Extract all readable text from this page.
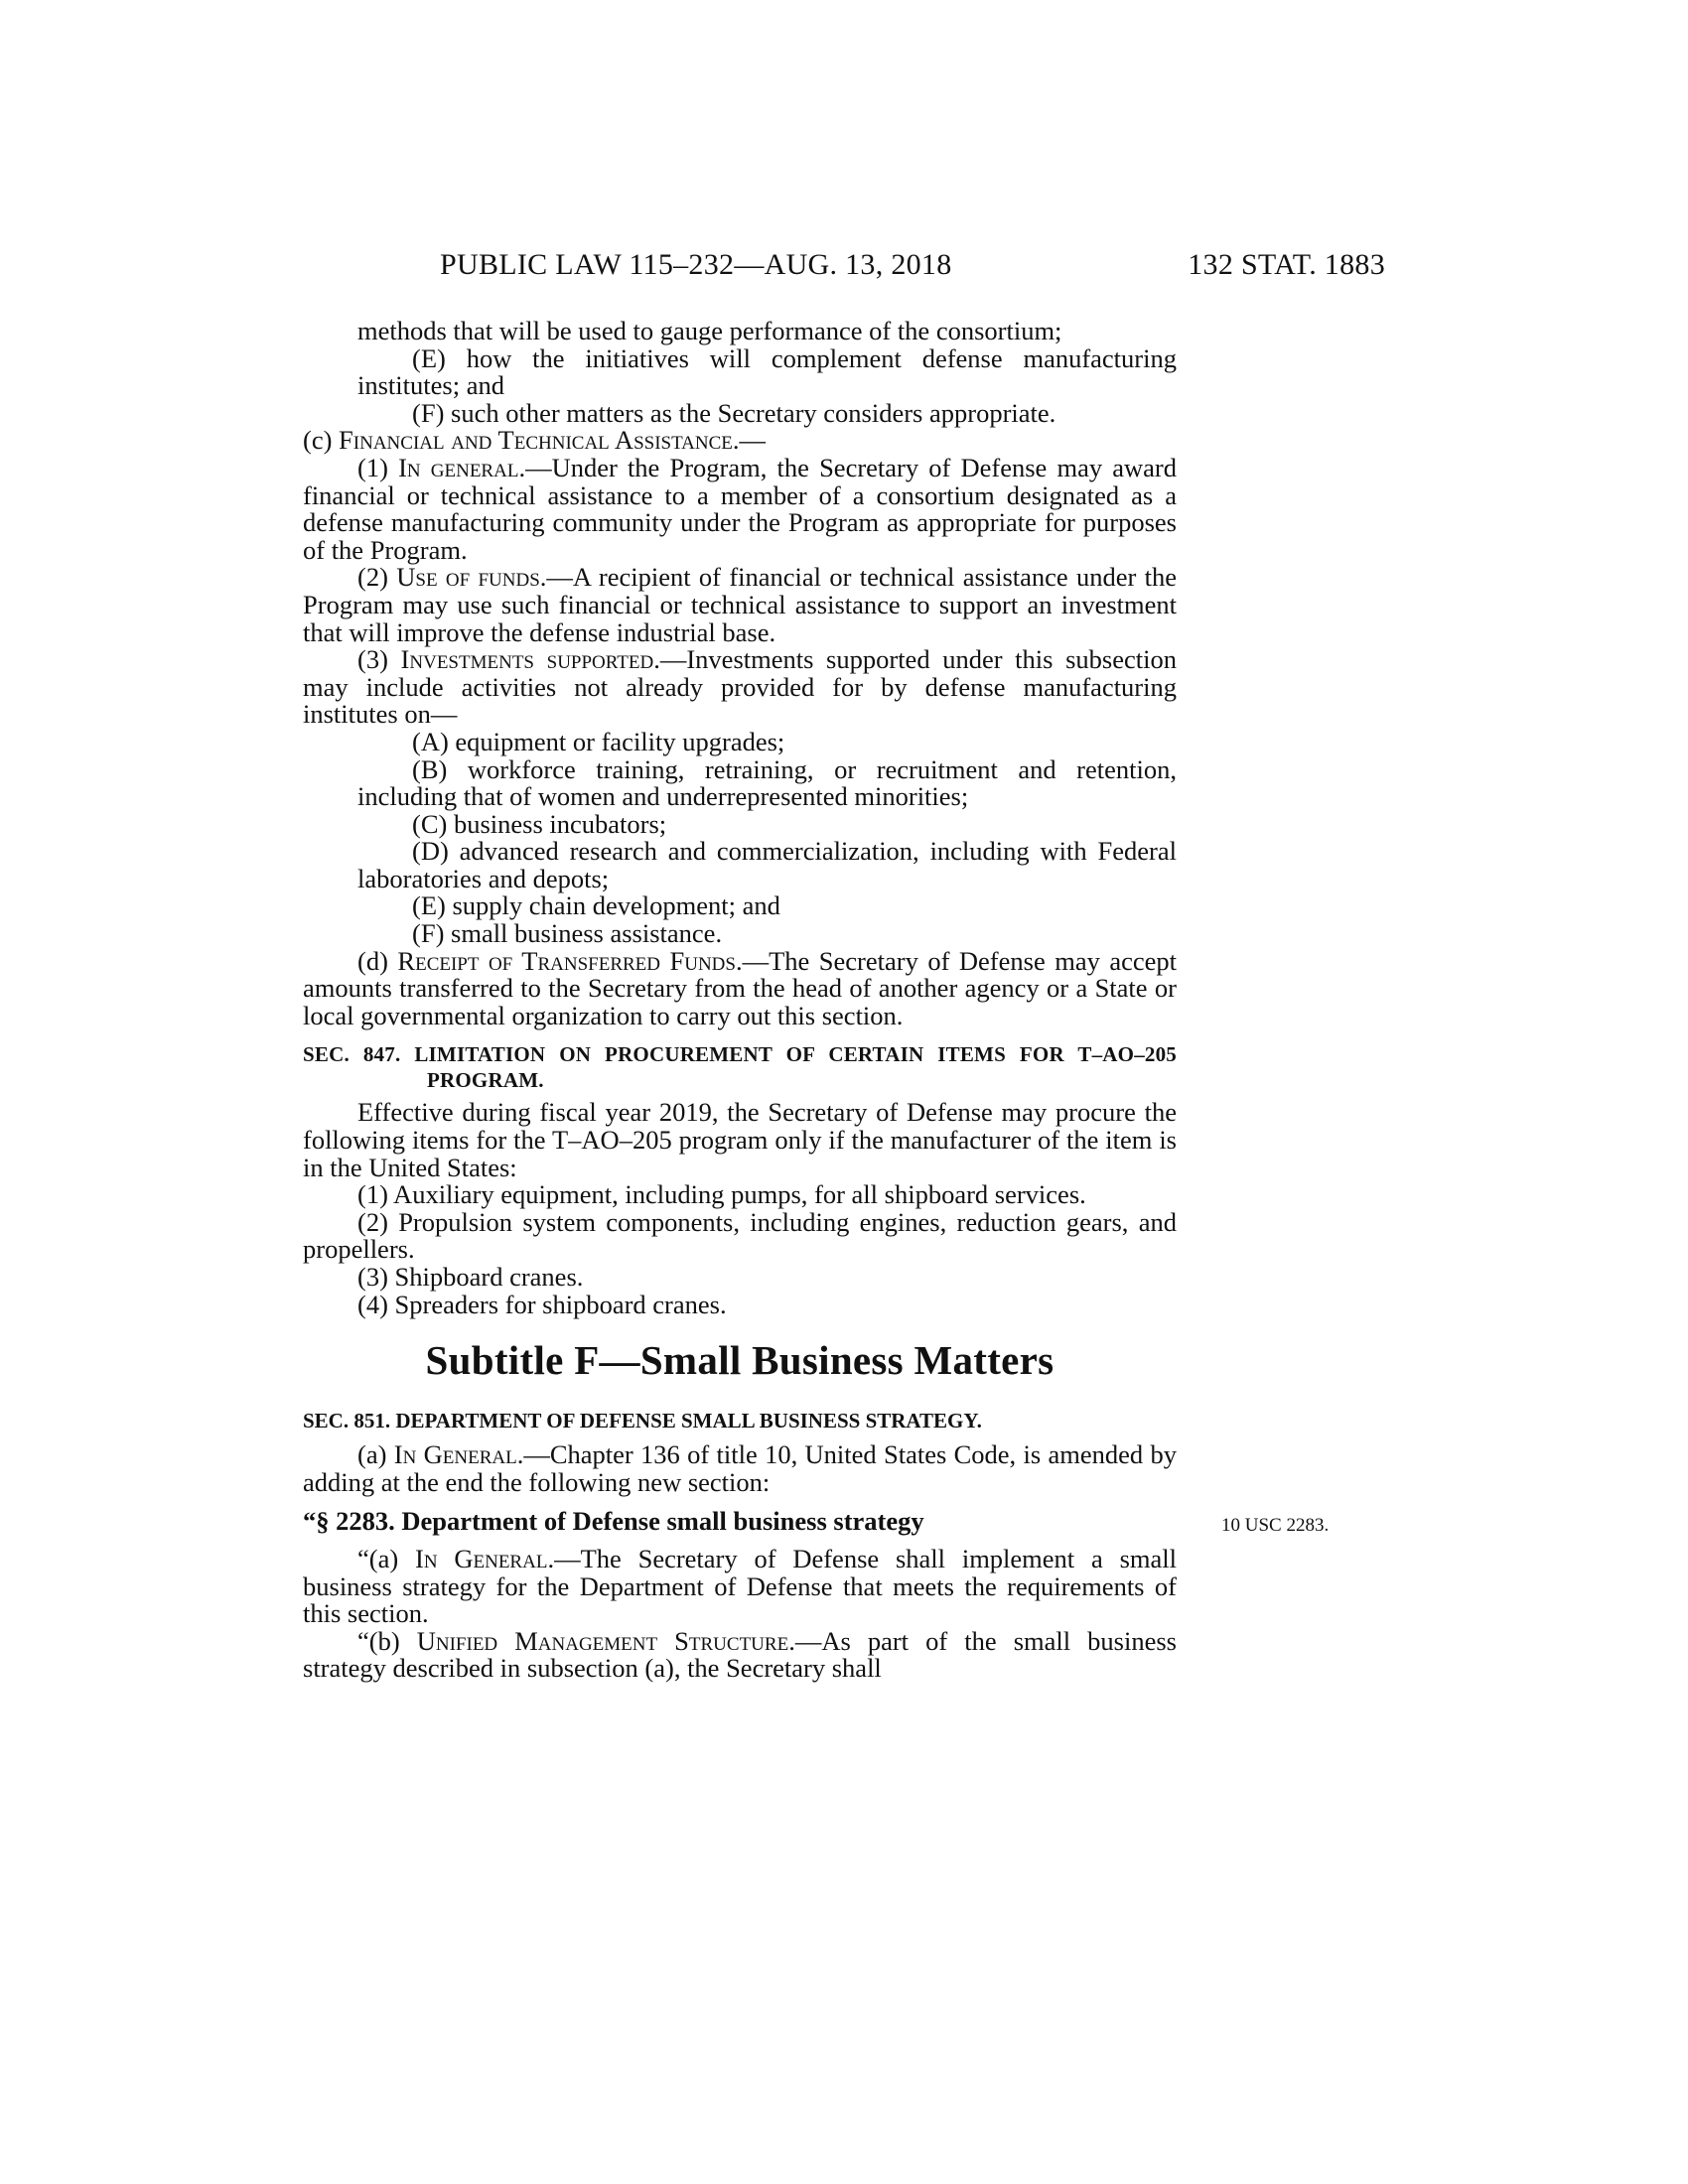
PUBLIC LAW 115–232—AUG. 13, 2018	132 STAT. 1883

methods that will be used to gauge performance of the consortium;

(E) how the initiatives will complement defense manufacturing institutes; and

(F) such other matters as the Secretary considers appropriate.

(c) Financial and Technical Assistance.—

(1) In general.—Under the Program, the Secretary of Defense may award financial or technical assistance to a member of a consortium designated as a defense manufacturing community under the Program as appropriate for purposes of the Program.

(2) Use of funds.—A recipient of financial or technical assistance under the Program may use such financial or technical assistance to support an investment that will improve the defense industrial base.

(3) Investments supported.—Investments supported under this subsection may include activities not already provided for by defense manufacturing institutes on—

(A) equipment or facility upgrades;

(B) workforce training, retraining, or recruitment and retention, including that of women and underrepresented minorities;

(C) business incubators;

(D) advanced research and commercialization, including with Federal laboratories and depots;

(E) supply chain development; and

(F) small business assistance.

(d) Receipt of Transferred Funds.—The Secretary of Defense may accept amounts transferred to the Secretary from the head of another agency or a State or local governmental organization to carry out this section.

SEC. 847. LIMITATION ON PROCUREMENT OF CERTAIN ITEMS FOR T–AO–205 PROGRAM.

Effective during fiscal year 2019, the Secretary of Defense may procure the following items for the T–AO–205 program only if the manufacturer of the item is in the United States:

(1) Auxiliary equipment, including pumps, for all shipboard services.

(2) Propulsion system components, including engines, reduction gears, and propellers.

(3) Shipboard cranes.

(4) Spreaders for shipboard cranes.

Subtitle F—Small Business Matters

SEC. 851. DEPARTMENT OF DEFENSE SMALL BUSINESS STRATEGY.

(a) In General.—Chapter 136 of title 10, United States Code, is amended by adding at the end the following new section:

“§ 2283. Department of Defense small business strategy	10 USC 2283.

“(a) In General.—The Secretary of Defense shall implement a small business strategy for the Department of Defense that meets the requirements of this section.

“(b) Unified Management Structure.—As part of the small business strategy described in subsection (a), the Secretary shall
